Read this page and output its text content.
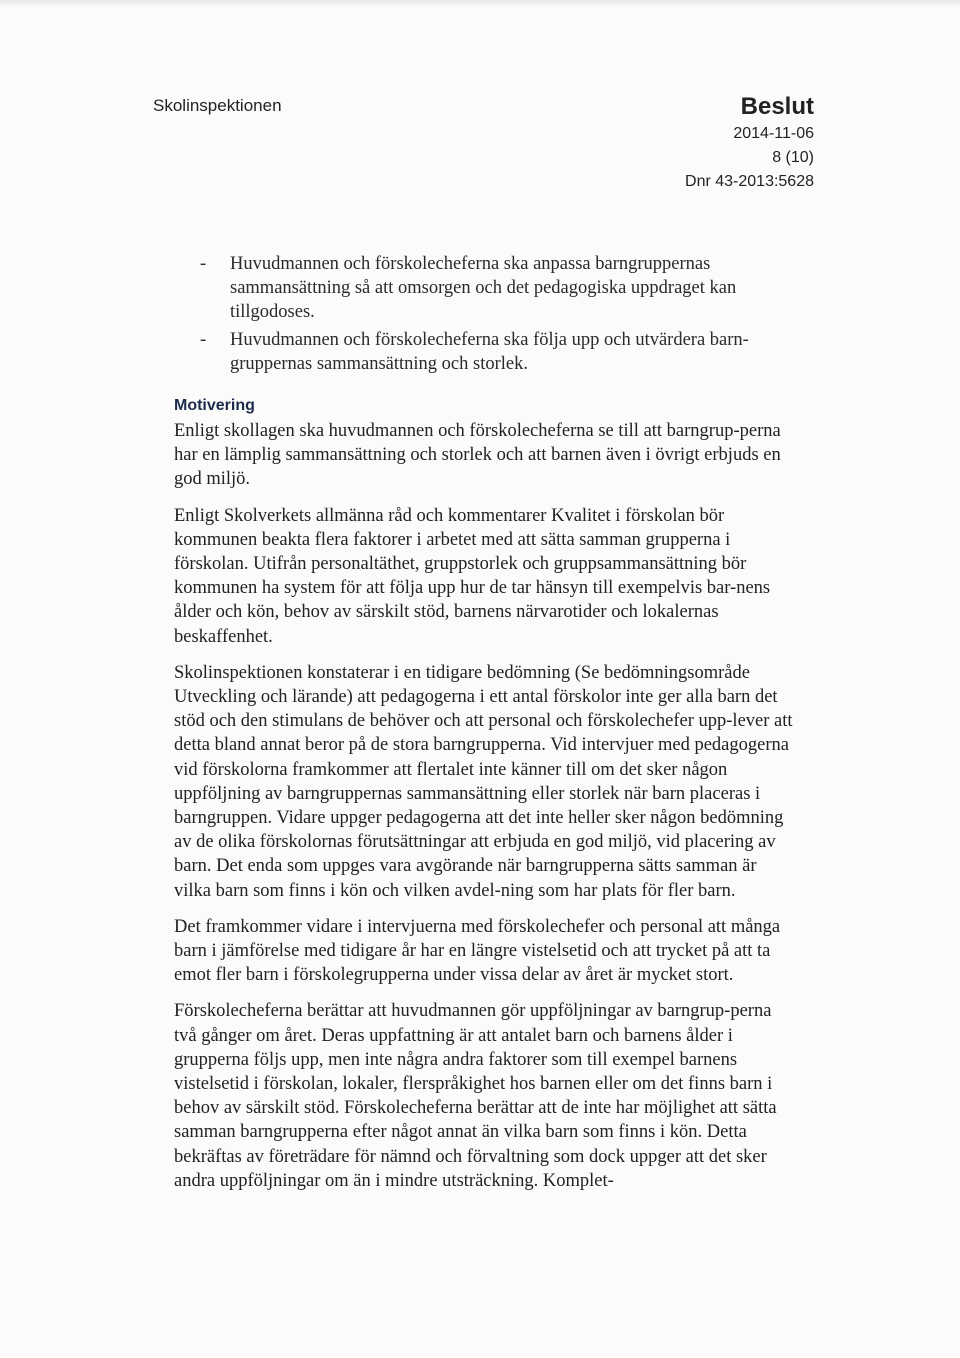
Skolinspektionen	Beslut
2014-11-06
8 (10)
Dnr 43-2013:5628
- Huvudmannen och förskolecheferna ska anpassa barngruppernas sammansättning så att omsorgen och det pedagogiska uppdraget kan tillgodoses.
- Huvudmannen och förskolecheferna ska följa upp och utvärdera barn-gruppernas sammansättning och storlek.
Motivering

Enligt skollagen ska huvudmannen och förskolecheferna se till att barngrup-perna har en lämplig sammansättning och storlek och att barnen även i övrigt erbjuds en god miljö.

Enligt Skolverkets allmänna råd och kommentarer Kvalitet i förskolan bör kommunen beakta flera faktorer i arbetet med att sätta samman grupperna i förskolan. Utifrån personaltäthet, gruppstorlek och gruppsammansättning bör kommunen ha system för att följa upp hur de tar hänsyn till exempelvis bar-nens ålder och kön, behov av särskilt stöd, barnens närvarotider och lokalernas beskaffenhet.

Skolinspektionen konstaterar i en tidigare bedömning (Se bedömningsområde Utveckling och lärande) att pedagogerna i ett antal förskolor inte ger alla barn det stöd och den stimulans de behöver och att personal och förskolechefer upp-lever att detta bland annat beror på de stora barngrupperna. Vid intervjuer med pedagogerna vid förskolorna framkommer att flertalet inte känner till om det sker någon uppföljning av barngruppernas sammansättning eller storlek när barn placeras i barngruppen. Vidare uppger pedagogerna att det inte heller sker någon bedömning av de olika förskolornas förutsättningar att erbjuda en god miljö, vid placering av barn. Det enda som uppges vara avgörande när barngrupperna sätts samman är vilka barn som finns i kön och vilken avdel-ning som har plats för fler barn.

Det framkommer vidare i intervjuerna med förskolechefer och personal att många barn i jämförelse med tidigare år har en längre vistelsetid och att trycket på att ta emot fler barn i förskolegrupperna under vissa delar av året är mycket stort.

Förskolecheferna berättar att huvudmannen gör uppföljningar av barngrup-perna två gånger om året. Deras uppfattning är att antalet barn och barnens ålder i grupperna följs upp, men inte några andra faktorer som till exempel barnens vistelsetid i förskolan, lokaler, flerspråkighet hos barnen eller om det finns barn i behov av särskilt stöd. Förskolecheferna berättar att de inte har möjlighet att sätta samman barngrupperna efter något annat än vilka barn som finns i kön. Detta bekräftas av företrädare för nämnd och förvaltning som dock uppger att det sker andra uppföljningar om än i mindre utsträckning. Komplet-
